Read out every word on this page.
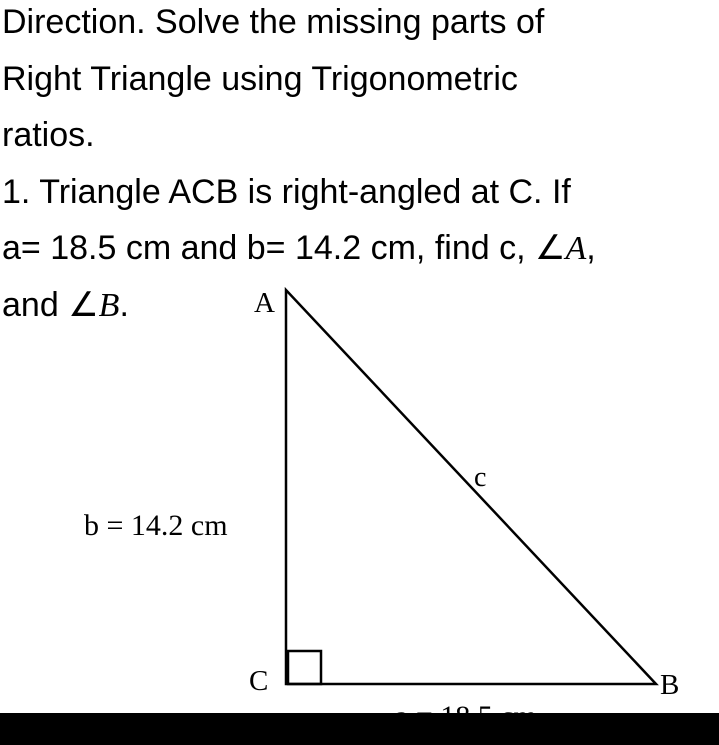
Direction. Solve the missing parts of
Right Triangle using Trigonometric
ratios.
1. Triangle ACB is right-angled at C. If
a= 18.5 cm and b= 14.2 cm, find c, ∠A,
and ∠B.	A
C	B
b = 14.2 cm
c
